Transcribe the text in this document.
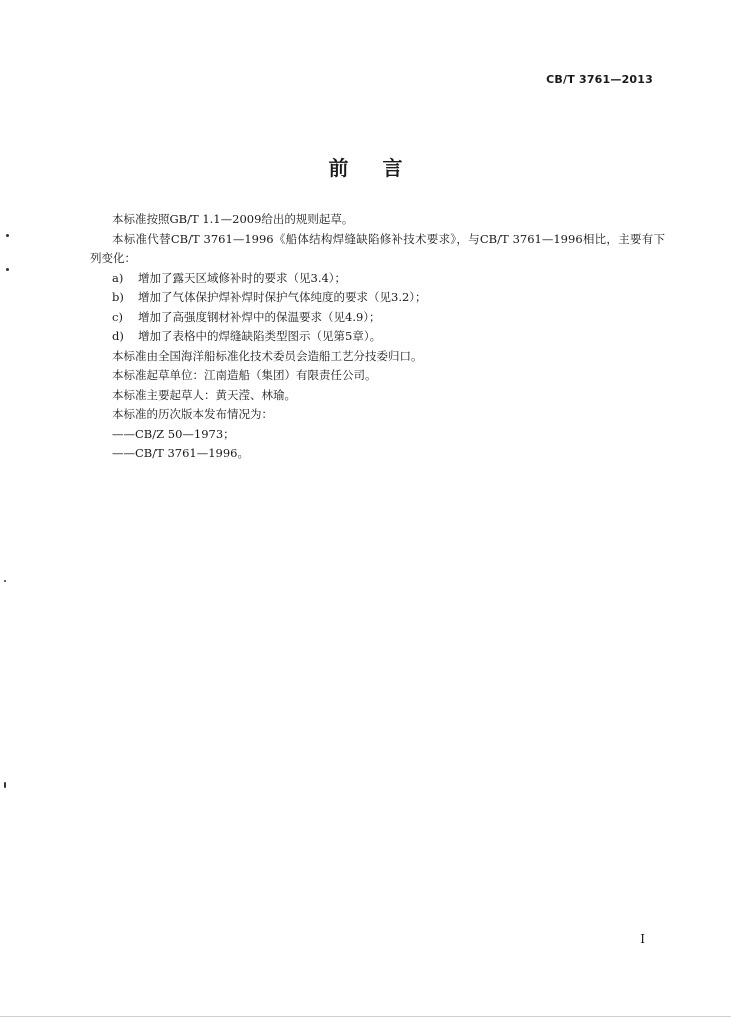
CB/T 3761—2013
前言

本标准按照GB/T 1.1—2009给出的规则起草。

本标准代替CB/T 3761—1996《船体结构焊缝缺陷修补技术要求》，与CB/T 3761—1996相比，主要有下列变化：

a)	增加了露天区域修补时的要求（见3.4）；
b)	增加了气体保护焊补焊时保护气体纯度的要求（见3.2）；
c)	增加了高强度钢材补焊中的保温要求（见4.9）；
d)	增加了表格中的焊缝缺陷类型图示（见第5章）。

本标准由全国海洋船标准化技术委员会造船工艺分技委归口。

本标准起草单位：江南造船（集团）有限责任公司。

本标准主要起草人：黄天滢、林瑜。

本标准的历次版本发布情况为：

——CB/Z 50—1973；

——CB/T 3761—1996。

I
